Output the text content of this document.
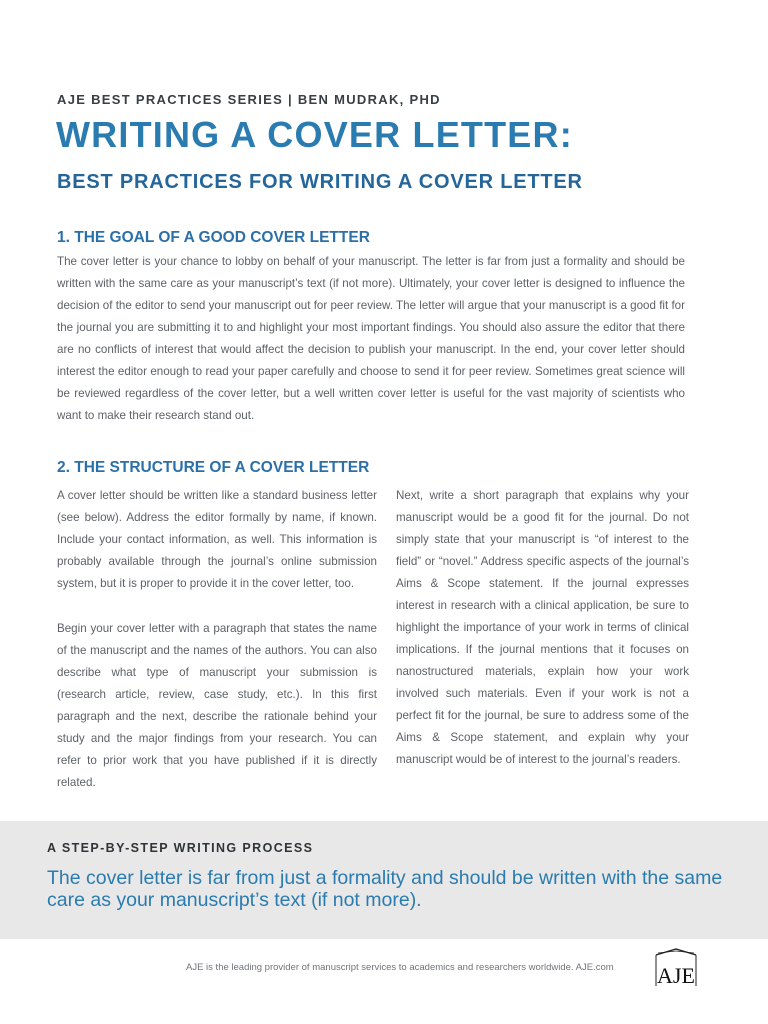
AJE BEST PRACTICES SERIES | BEN MUDRAK, PHD
WRITING A COVER LETTER:
BEST PRACTICES FOR WRITING A COVER LETTER
1. THE GOAL OF A GOOD COVER LETTER

The cover letter is your chance to lobby on behalf of your manuscript. The letter is far from just a formality and should be written with the same care as your manuscript’s text (if not more). Ultimately, your cover letter is designed to influence the decision of the editor to send your manuscript out for peer review. The letter will argue that your manuscript is a good fit for the journal you are submitting it to and highlight your most important findings. You should also assure the editor that there are no conflicts of interest that would affect the decision to publish your manuscript. In the end, your cover letter should interest the editor enough to read your paper carefully and choose to send it for peer review. Sometimes great science will be reviewed regardless of the cover letter, but a well written cover letter is useful for the vast majority of scientists who want to make their research stand out.

2. THE STRUCTURE OF A COVER LETTER

A cover letter should be written like a standard business letter (see below). Address the editor formally by name, if known. Include your contact information, as well. This information is probably available through the journal’s online submission system, but it is proper to provide it in the cover letter, too.

Begin your cover letter with a paragraph that states the name of the manuscript and the names of the authors. You can also describe what type of manuscript your submission is (research article, review, case study, etc.). In this first paragraph and the next, describe the rationale behind your study and the major findings from your research. You can refer to prior work that you have published if it is directly related.

Next, write a short paragraph that explains why your manuscript would be a good fit for the journal. Do not simply state that your manuscript is “of interest to the field” or “novel.” Address specific aspects of the journal’s Aims & Scope statement. If the journal expresses interest in research with a clinical application, be sure to highlight the importance of your work in terms of clinical implications. If the journal mentions that it focuses on nanostructured materials, explain how your work involved such materials. Even if your work is not a perfect fit for the journal, be sure to address some of the Aims & Scope statement, and explain why your manuscript would be of interest to the journal’s readers.

A STEP-BY-STEP WRITING PROCESS

The cover letter is far from just a formality and should be written with the same care as your manuscript’s text (if not more).

AJE is the leading provider of manuscript services to academics and researchers worldwide. AJE.com AJE
